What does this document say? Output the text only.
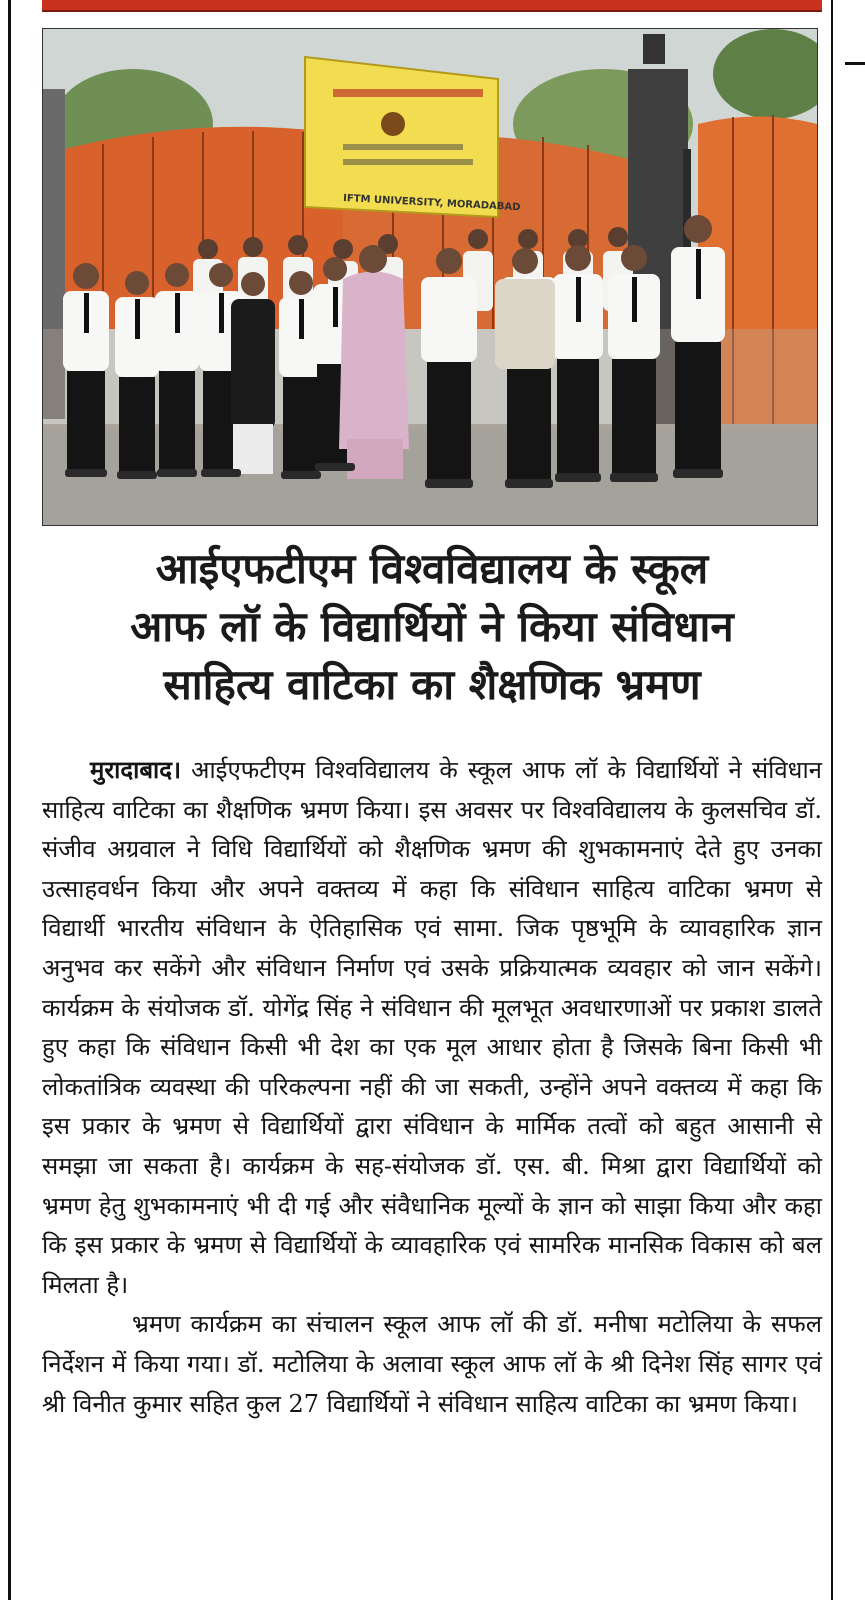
IFTM UNIVERSITY, MORADABAD
आईएफटीएम विश्वविद्यालय के स्कूल
आफ लॉ के विद्यार्थियों ने किया संविधान
साहित्य वाटिका का शैक्षणिक भ्रमण

मुरादाबाद। आईएफटीएम विश्वविद्यालय के स्कूल आफ लॉ के विद्यार्थियों ने संविधान साहित्य वाटिका का शैक्षणिक भ्रमण किया। इस अवसर पर विश्वविद्यालय के कुलसचिव डॉ. संजीव अग्रवाल ने विधि विद्यार्थियों को शैक्षणिक भ्रमण की शुभकामनाएं देते हुए उनका उत्साहवर्धन किया और अपने वक्तव्य में कहा कि संविधान साहित्य वाटिका भ्रमण से विद्यार्थी भारतीय संविधान के ऐतिहासिक एवं सामा. जिक पृष्ठभूमि के व्यावहारिक ज्ञान अनुभव कर सकेंगे और संविधान निर्माण एवं उसके प्रक्रियात्मक व्यवहार को जान सकेंगे। कार्यक्रम के संयोजक डॉ. योगेंद्र सिंह ने संविधान की मूलभूत अवधारणाओं पर प्रकाश डालते हुए कहा कि संविधान किसी भी देश का एक मूल आधार होता है जिसके बिना किसी भी लोकतांत्रिक व्यवस्था की परिकल्पना नहीं की जा सकती, उन्होंने अपने वक्तव्य में कहा कि इस प्रकार के भ्रमण से विद्यार्थियों द्वारा संविधान के मार्मिक तत्वों को बहुत आसानी से समझा जा सकता है। कार्यक्रम के सह-संयोजक डॉ. एस. बी. मिश्रा द्वारा विद्यार्थियों को भ्रमण हेतु शुभकामनाएं भी दी गई और संवैधानिक मूल्यों के ज्ञान को साझा किया और कहा कि इस प्रकार के भ्रमण से विद्यार्थियों के व्यावहारिक एवं सामरिक मानसिक विकास को बल मिलता है।

भ्रमण कार्यक्रम का संचालन स्कूल आफ लॉ की डॉ. मनीषा मटोलिया के सफल निर्देशन में किया गया। डॉ. मटोलिया के अलावा स्कूल आफ लॉ के श्री दिनेश सिंह सागर एवं श्री विनीत कुमार सहित कुल 27 विद्यार्थियों ने संविधान साहित्य वाटिका का भ्रमण किया।
